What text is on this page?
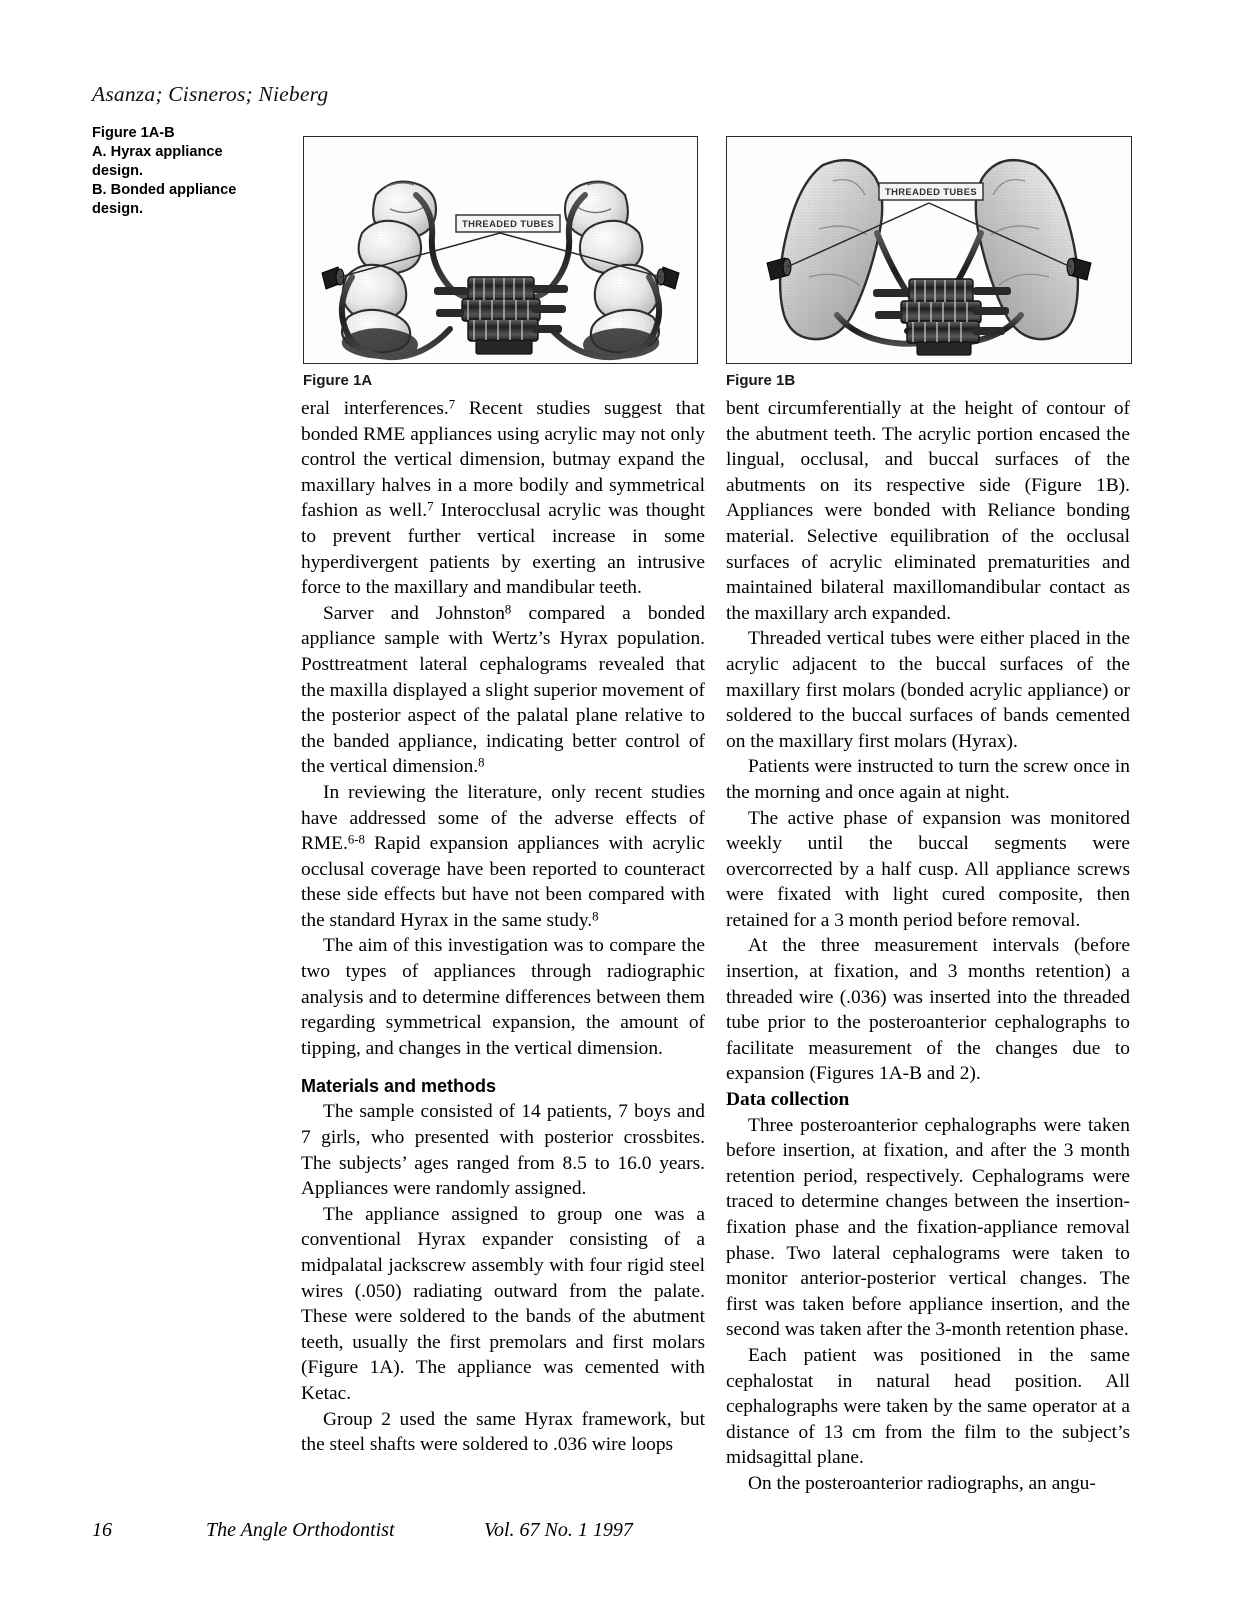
Asanza; Cisneros; Nieberg
Figure 1A-B
A. Hyrax appliance
design.
B. Bonded appliance
design.
THREADED TUBES
Figure 1A
THREADED TUBES
Figure 1B

eral interferences.$^7$ Recent studies suggest that bonded RME appliances using acrylic may not only control the vertical dimension, butmay expand the maxillary halves in a more bodily and symmetrical fashion as well.$^7$ Interocclusal acrylic was thought to prevent further vertical increase in some hyperdivergent patients by exerting an intrusive force to the maxillary and mandibular teeth.

Sarver and Johnston$^8$ compared a bonded appliance sample with Wertz’s Hyrax population. Posttreatment lateral cephalograms revealed that the maxilla displayed a slight superior movement of the posterior aspect of the palatal plane relative to the banded appliance, indicating better control of the vertical dimension.$^8$

In reviewing the literature, only recent studies have addressed some of the adverse effects of RME.$^{6-8}$ Rapid expansion appliances with acrylic occlusal coverage have been reported to counteract these side effects but have not been compared with the standard Hyrax in the same study.$^8$

The aim of this investigation was to compare the two types of appliances through radiographic analysis and to determine differences between them regarding symmetrical expansion, the amount of tipping, and changes in the vertical dimension.

Materials and methods

The sample consisted of 14 patients, 7 boys and 7 girls, who presented with posterior crossbites. The subjects’ ages ranged from 8.5 to 16.0 years. Appliances were randomly assigned.

The appliance assigned to group one was a conventional Hyrax expander consisting of a midpalatal jackscrew assembly with four rigid steel wires (.050) radiating outward from the palate. These were soldered to the bands of the abutment teeth, usually the first premolars and first molars (Figure 1A). The appliance was cemented with Ketac.

Group 2 used the same Hyrax framework, but the steel shafts were soldered to .036 wire loops

bent circumferentially at the height of contour of the abutment teeth. The acrylic portion encased the lingual, occlusal, and buccal surfaces of the abutments on its respective side (Figure 1B). Appliances were bonded with Reliance bonding material. Selective equilibration of the occlusal surfaces of acrylic eliminated prematurities and maintained bilateral maxillomandibular contact as the maxillary arch expanded.

Threaded vertical tubes were either placed in the acrylic adjacent to the buccal surfaces of the maxillary first molars (bonded acrylic appliance) or soldered to the buccal surfaces of bands cemented on the maxillary first molars (Hyrax).

Patients were instructed to turn the screw once in the morning and once again at night.

The active phase of expansion was monitored weekly until the buccal segments were overcorrected by a half cusp. All appliance screws were fixated with light cured composite, then retained for a 3 month period before removal.

At the three measurement intervals (before insertion, at fixation, and 3 months retention) a threaded wire (.036) was inserted into the threaded tube prior to the posteroanterior cephalographs to facilitate measurement of the changes due to expansion (Figures 1A-B and 2).

Data collection

Three posteroanterior cephalographs were taken before insertion, at fixation, and after the 3 month retention period, respectively. Cephalograms were traced to determine changes between the insertion-fixation phase and the fixation-appliance removal phase. Two lateral cephalograms were taken to monitor anterior-posterior vertical changes. The first was taken before appliance insertion, and the second was taken after the 3-month retention phase.

Each patient was positioned in the same cephalostat in natural head position. All cephalographs were taken by the same operator at a distance of 13 cm from the film to the subject’s midsagittal plane.

On the posteroanterior radiographs, an angu-

16	The Angle Orthodontist	Vol. 67 No. 1 1997
